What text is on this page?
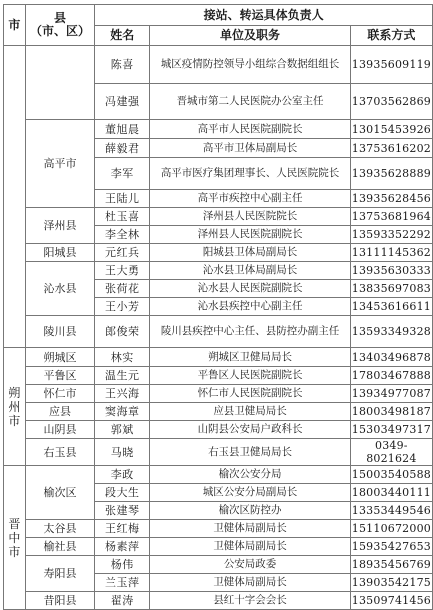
市	县
（市、区）	接站、转运具体负责人		
		姓名	单位及职务	联系方式
		陈喜	城区疫情防控领导小组综合数据组组长	13935609119
		冯建强	晋城市第二人民医院办公室主任	13703562869
	高平市	董旭晨	高平市人民医院副院长	13015453926
		薛毅君	高平市卫体局副局长	13753616202
		李军	高平市医疗集团理事长、人民医院院长	13935628889
		王陆儿	高平市疾控中心副主任	13935628456
	泽州县	杜玉喜	泽州县人民医院院长	13753681964
		李全林	泽州县人民医院副院长	13593352292
	阳城县	元红兵	阳城县卫体局副局长	13111145362
	沁水县	王大勇	沁水县卫体局副局长	13935630333
		张荷花	沁水县人民医院副院长	13835697083
		王小芳	沁水县疾控中心副主任	13453616611
	陵川县	郎俊荣	陵川县疾控中心主任、县防控办副主任	13593349328
朔州市	朔城区	林实	朔城区卫健局局长	13403496878
	平鲁区	温生元	平鲁区人民医院副院长	17803467888
	怀仁市	王兴海	怀仁市人民医院副院长	13934977087
	应县	窦海章	应县卫健局局长	18003498187
	山阴县	郭斌	山阴县公安局户政科长	15303497317
	右玉县	马晓	右玉县卫健局局长	0349-8021624
晋中市	榆次区	李政	榆次公安分局	15003540588
		段大生	城区公安分局副局长	18003440111
		张建琴	榆次区防控办	13353449546
	太谷县	王红梅	卫健体局副局长	15110672000
	榆社县	杨素萍	卫健体局副局长	15935427653
	寿阳县	杨伟	公安局政委	18935456769
		兰玉萍	卫健体局副局长	13903542175
	昔阳县	翟涛	县红十字会会长	13509741456
